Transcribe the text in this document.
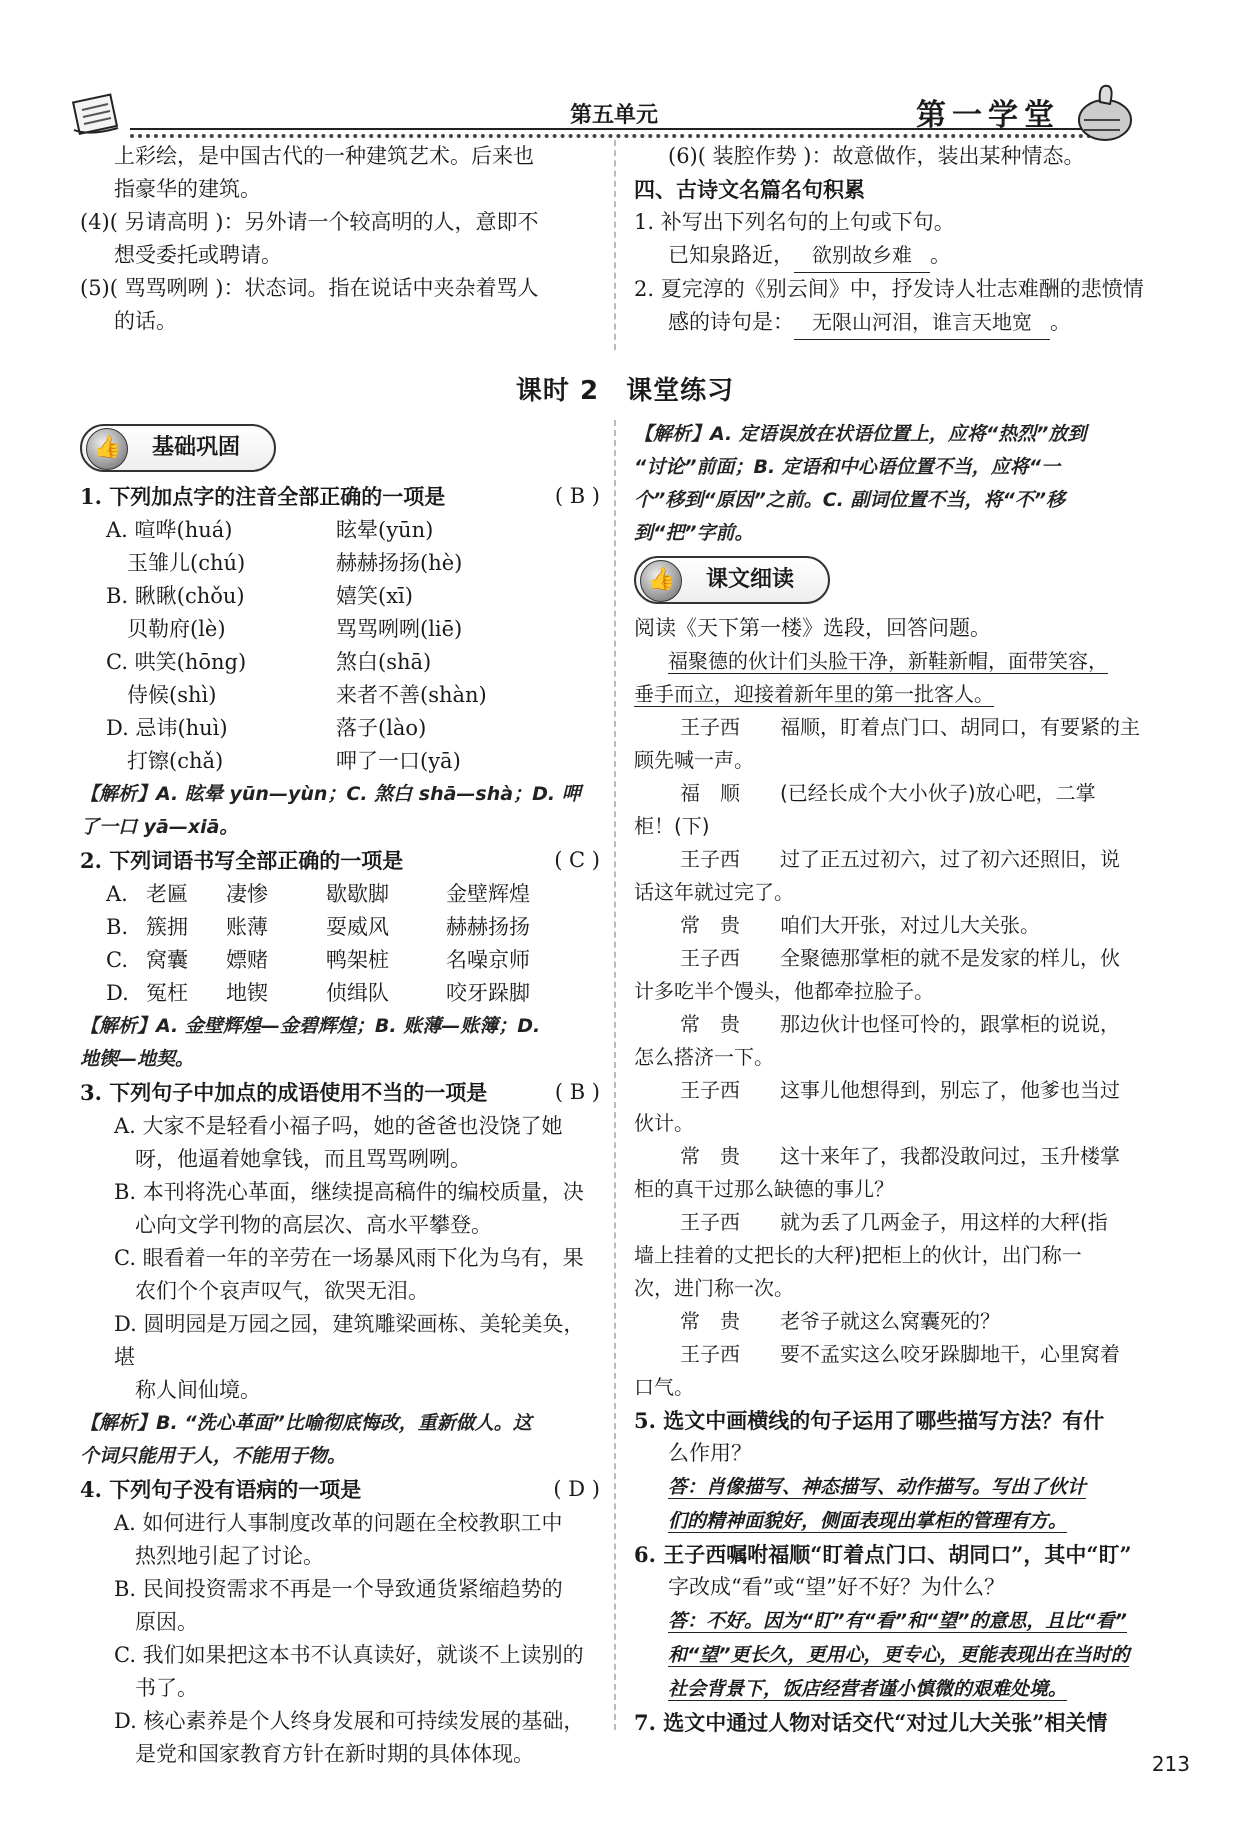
第五单元	第一学堂

上彩绘，是中国古代的一种建筑艺术。后来也

指豪华的建筑。

(4)( 另请高明 )：另外请一个较高明的人，意即不

想受委托或聘请。

(5)( 骂骂咧咧 )：状态词。指在说话中夹杂着骂人

的话。

(6)( 装腔作势 )：故意做作，装出某种情态。

四、古诗文名篇名句积累

1. 补写出下列名句的上句或下句。

已知泉路近， 欲别故乡难 。

2. 夏完淳的《别云间》中，抒发诗人壮志难酬的悲愤情

感的诗句是： 无限山河泪，谁言天地宽 。

课时 2　课堂练习
👍
基础巩固

1. 下列加点字的注音全部正确的一项是	( B )

A. 喧哗(huá)	眩晕(yūn)
　玉雏儿(chú)	赫赫扬扬(hè)
B. 瞅瞅(chǒu)	嬉笑(xī)
　贝勒府(lè)	骂骂咧咧(liē)
C. 哄笑(hōng)	煞白(shā)
　侍候(shì)	来者不善(shàn)
D. 忌讳(huì)	落子(lào)
　打镲(chǎ)	呷了一口(yā)

【解析】A. 眩晕 yūn—yùn；C. 煞白 shā—shà；D. 呷

了一口 yā—xiā。

2. 下列词语书写全部正确的一项是	( C )

A. 老匾	凄惨	歇歇脚	金壁辉煌
B. 簇拥	账薄	耍威风	赫赫扬扬
C. 窝囊	嫖赌	鸭架桩	名噪京师
D. 冤枉	地锲	侦缉队	咬牙跺脚

【解析】A. 金壁辉煌—金碧辉煌；B. 账薄—账簿；D.

地锲—地契。

3. 下列句子中加点的成语使用不当的一项是	( B )

A. 大家不是轻看小福子吗，她的爸爸也没饶了她

　呀，他逼着她拿钱，而且骂骂咧咧。

B. 本刊将洗心革面，继续提高稿件的编校质量，决

　心向文学刊物的高层次、高水平攀登。

C. 眼看着一年的辛劳在一场暴风雨下化为乌有，果

　农们个个哀声叹气，欲哭无泪。

D. 圆明园是万园之园，建筑雕梁画栋、美轮美奂，堪

　称人间仙境。

【解析】B. “洗心革面”比喻彻底悔改，重新做人。这

个词只能用于人，不能用于物。

4. 下列句子没有语病的一项是	( D )

A. 如何进行人事制度改革的问题在全校教职工中

　热烈地引起了讨论。

B. 民间投资需求不再是一个导致通货紧缩趋势的

　原因。

C. 我们如果把这本书不认真读好，就谈不上读别的

　书了。

D. 核心素养是个人终身发展和可持续发展的基础，

　是党和国家教育方针在新时期的具体体现。

【解析】A. 定语误放在状语位置上，应将“热烈”放到

“讨论”前面；B. 定语和中心语位置不当，应将“一

个”移到“原因”之前。C. 副词位置不当，将“不”移

到“把”字前。

👍
课文细读

阅读《天下第一楼》选段，回答问题。

福聚德的伙计们头脸干净，新鞋新帽，面带笑容，

垂手而立，迎接着新年里的第一批客人。

王子西 福顺，盯着点门口、胡同口，有要紧的主

顾先喊一声。

福　顺 (已经长成个大小伙子)放心吧，二掌

柜！(下)

王子西 过了正五过初六，过了初六还照旧，说

话这年就过完了。

常　贵 咱们大开张，对过儿大关张。

王子西 全聚德那掌柜的就不是发家的样儿，伙

计多吃半个馒头，他都牵拉脸子。

常　贵 那边伙计也怪可怜的，跟掌柜的说说，

怎么搭济一下。

王子西 这事儿他想得到，别忘了，他爹也当过

伙计。

常　贵 这十来年了，我都没敢问过，玉升楼掌

柜的真干过那么缺德的事儿？

王子西 就为丢了几两金子，用这样的大秤(指

墙上挂着的丈把长的大秤)把柜上的伙计，出门称一

次，进门称一次。

常　贵 老爷子就这么窝囊死的？

王子西 要不孟实这么咬牙跺脚地干，心里窝着

口气。

5. 选文中画横线的句子运用了哪些描写方法？有什

么作用？

答：肖像描写、神态描写、动作描写。写出了伙计

们的精神面貌好，侧面表现出掌柜的管理有方。

6. 王子西嘱咐福顺“盯着点门口、胡同口”，其中“盯”

字改成“看”或“望”好不好？为什么？

答：不好。因为“盯”有“看”和“望”的意思，且比“看”

和“望”更长久，更用心，更专心，更能表现出在当时的

社会背景下，饭店经营者谨小慎微的艰难处境。

7. 选文中通过人物对话交代“对过儿大关张”相关情

213
